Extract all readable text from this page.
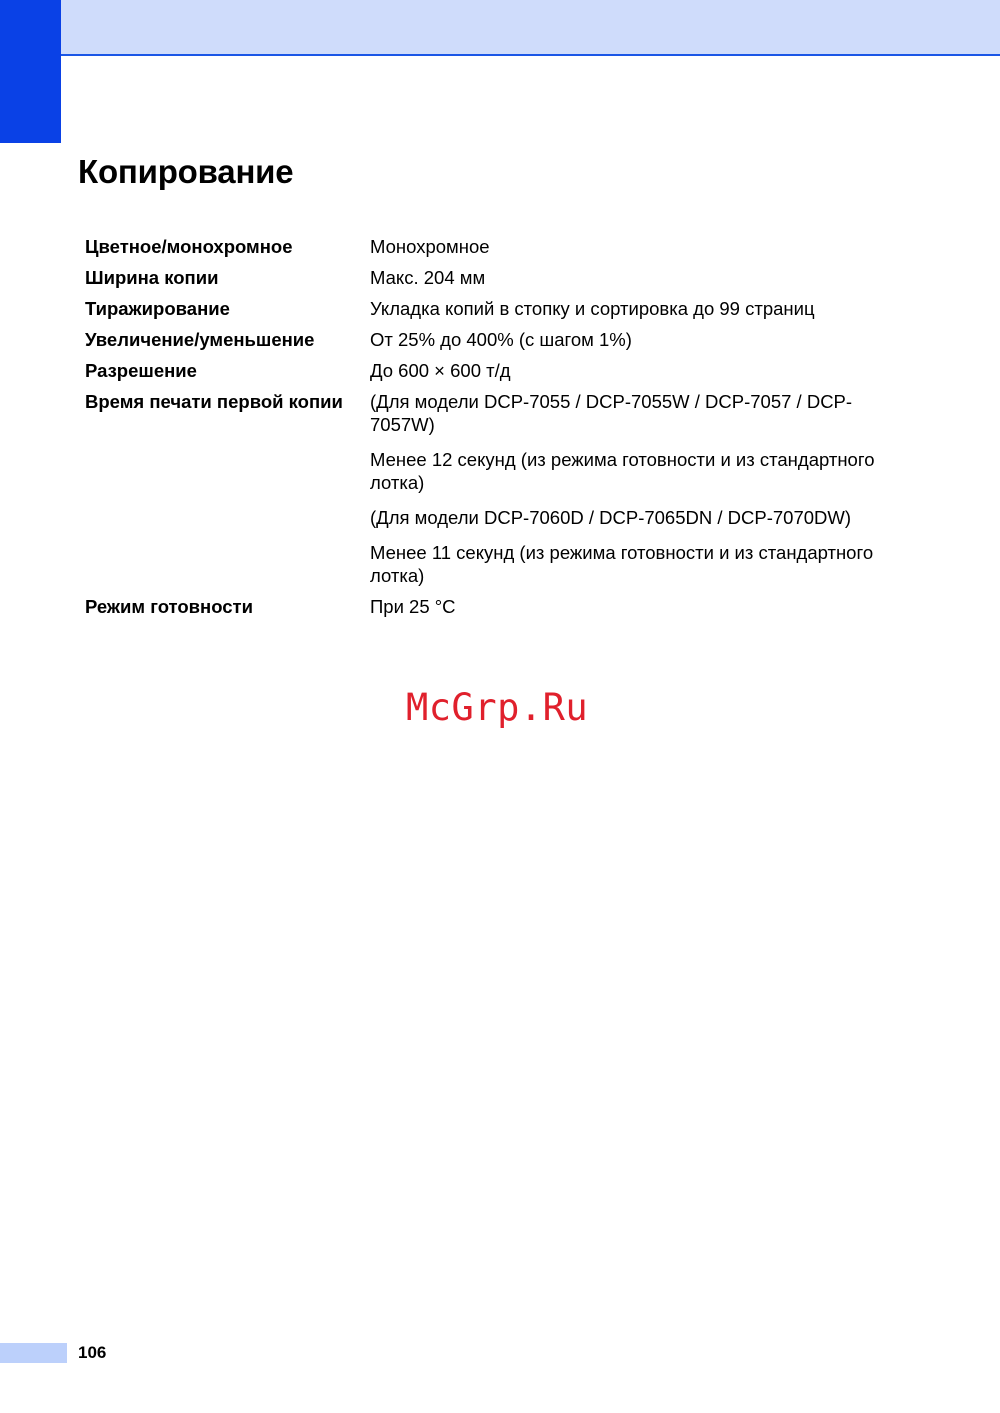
Копирование
Цветное/монохромное	Монохромное
Ширина копии	Макс. 204 мм
Тиражирование	Укладка копий в стопку и сортировка до 99 страниц
Увеличение/уменьшение	От 25% до 400% (с шагом 1%)
Разрешение	До 600 × 600 т/д
Время печати первой копии	(Для модели DCP-7055 / DCP-7055W / DCP-7057 / DCP-7057W)
Менее 12 секунд (из режима готовности и из стандартного лотка)
(Для модели DCP-7060D / DCP-7065DN / DCP-7070DW)
Менее 11 секунд (из режима готовности и из стандартного лотка)
Режим готовности	При 25 °C
McGrp.Ru
106
